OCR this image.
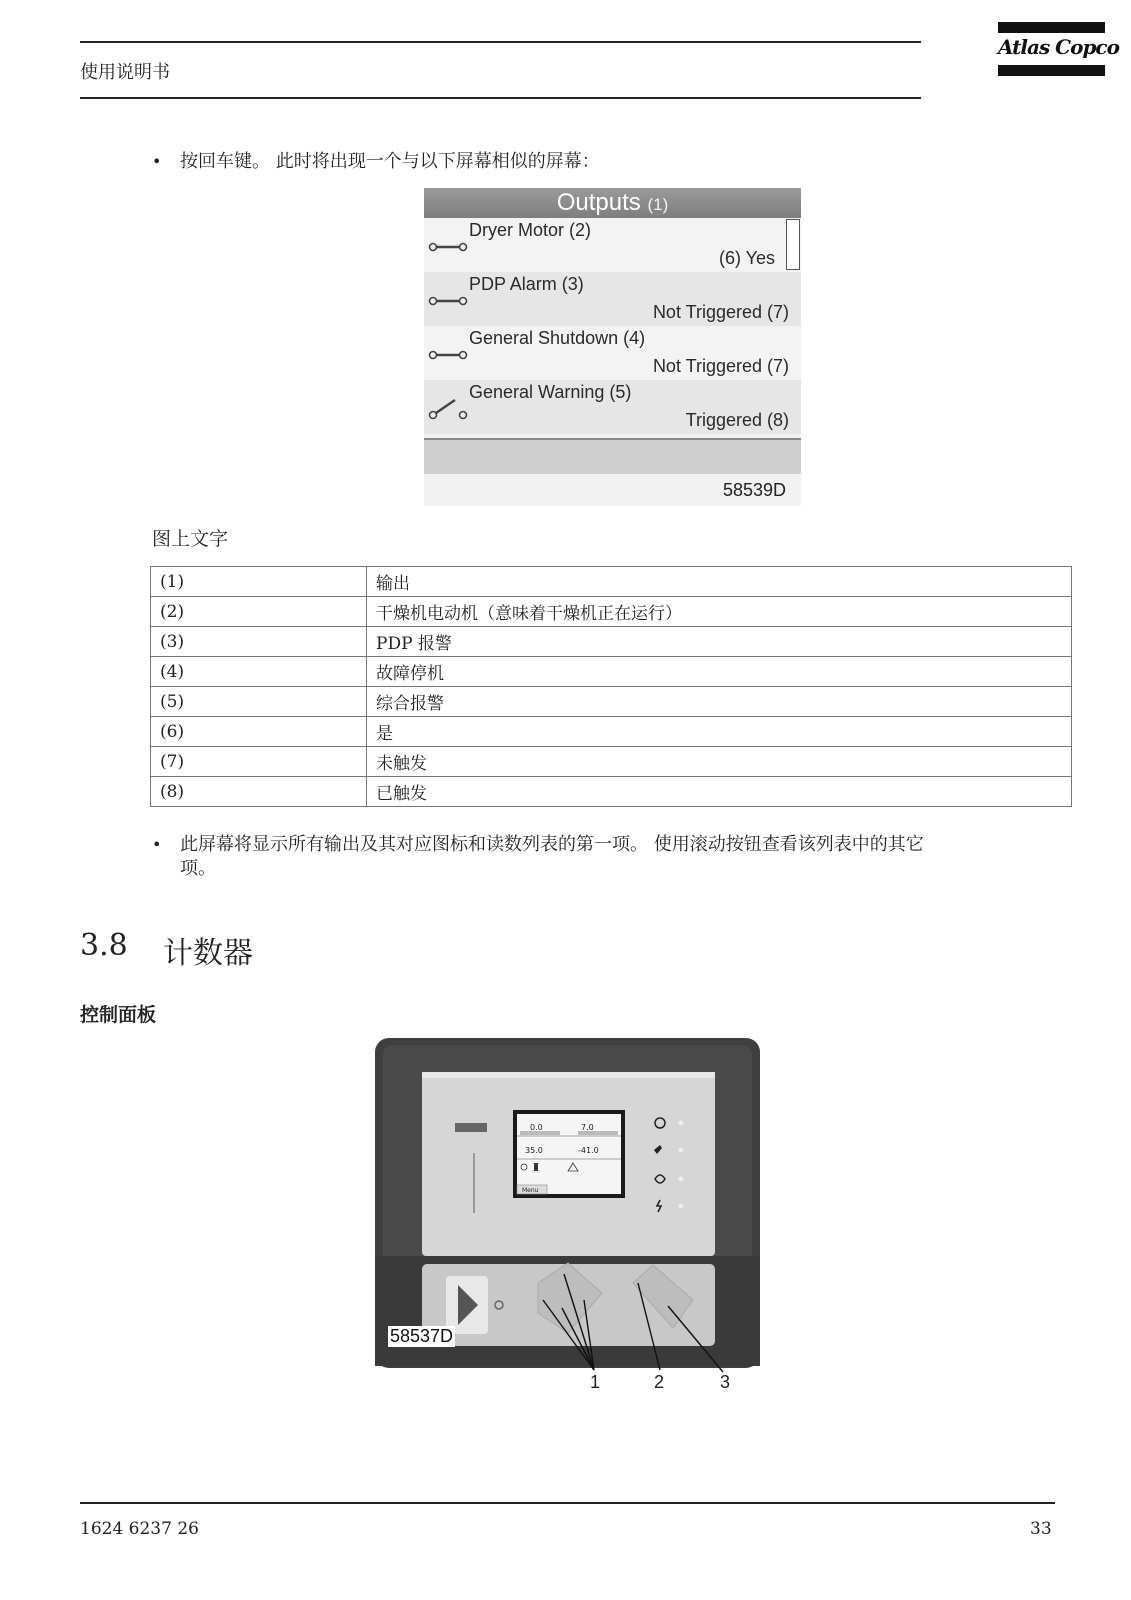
使用说明书
Atlas Copco
• 按回车键。 此时将出现一个与以下屏幕相似的屏幕：
Outputs (1)
Dryer Motor (2)
(6) Yes
PDP Alarm (3)
Not Triggered (7)
General Shutdown (4)
Not Triggered (7)
General Warning (5)
Triggered (8)
58539D
图上文字
(1)	输出
(2)	干燥机电动机（意味着干燥机正在运行）
(3)	PDP 报警
(4)	故障停机
(5)	综合报警
(6)	是
(7)	未触发
(8)	已触发
• 此屏幕将显示所有输出及其对应图标和读数列表的第一项。 使用滚动按钮查看该列表中的其它
项。
3.8 计数器
控制面板
0.0	7.0
35.0	-41.0
Menu
58537D
1	2	3
1624 6237 26	33
